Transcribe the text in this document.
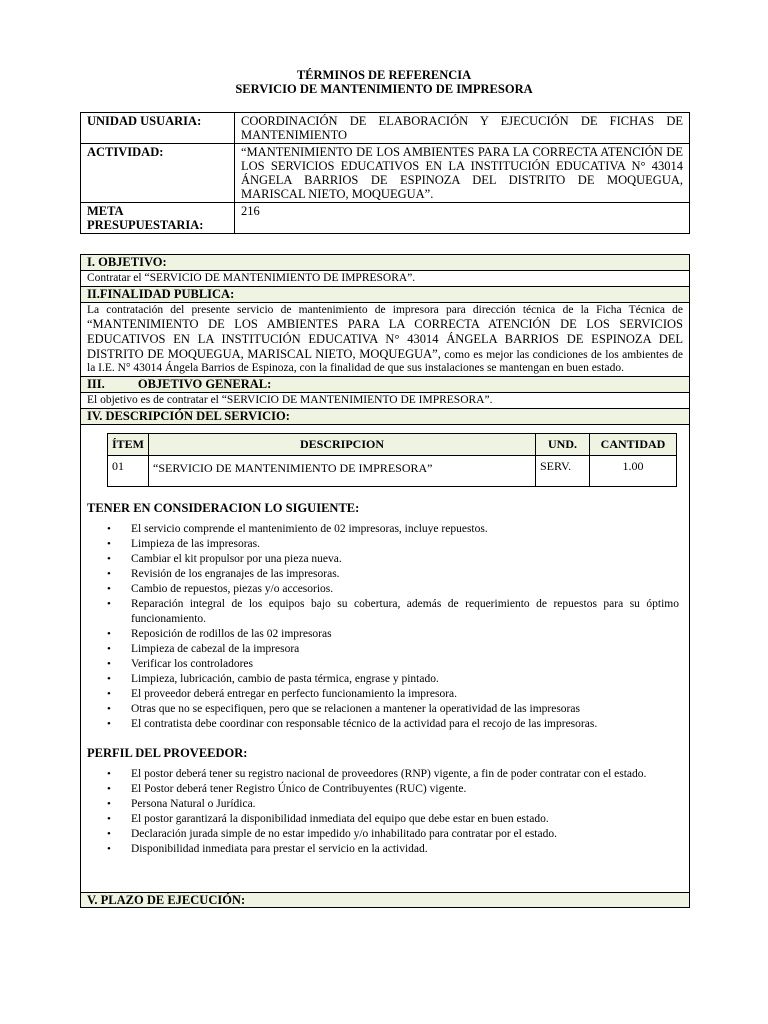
TÉRMINOS DE REFERENCIA
SERVICIO DE MANTENIMIENTO DE IMPRESORA
UNIDAD USUARIA:	COORDINACIÓN DE ELABORACIÓN Y EJECUCIÓN DE FICHAS DE MANTENIMIENTO
ACTIVIDAD:	“MANTENIMIENTO DE LOS AMBIENTES PARA LA CORRECTA ATENCIÓN DE LOS SERVICIOS EDUCATIVOS EN LA INSTITUCIÓN EDUCATIVA N° 43014 ÁNGELA BARRIOS DE ESPINOZA DEL DISTRITO DE MOQUEGUA, MARISCAL NIETO, MOQUEGUA”.
META PRESUPUESTARIA:	216
I. OBJETIVO:
Contratar el “SERVICIO DE MANTENIMIENTO DE IMPRESORA”.
II.FINALIDAD PUBLICA:
La contratación del presente servicio de mantenimiento de impresora para dirección técnica de la Ficha Técnica de “MANTENIMIENTO DE LOS AMBIENTES PARA LA CORRECTA ATENCIÓN DE LOS SERVICIOS EDUCATIVOS EN LA INSTITUCIÓN EDUCATIVA N° 43014 ÁNGELA BARRIOS DE ESPINOZA DEL DISTRITO DE MOQUEGUA, MARISCAL NIETO, MOQUEGUA”, como es mejor las condiciones de los ambientes de la I.E. N° 43014 Ángela Barrios de Espinoza, con la finalidad de que sus instalaciones se mantengan en buen estado.
III.	OBJETIVO GENERAL:
El objetivo es de contratar el “SERVICIO DE MANTENIMIENTO DE IMPRESORA”.
IV. DESCRIPCIÓN DEL SERVICIO:
ÍTEM	DESCRIPCION	UND.	CANTIDAD
01	“SERVICIO DE MANTENIMIENTO DE IMPRESORA”	SERV.	1.00
TENER EN CONSIDERACION LO SIGUIENTE:
• El servicio comprende el mantenimiento de 02 impresoras, incluye repuestos.
• Limpieza de las impresoras.
• Cambiar el kit propulsor por una pieza nueva.
• Revisión de los engranajes de las impresoras.
• Cambio de repuestos, piezas y/o accesorios.
• Reparación integral de los equipos bajo su cobertura, además de requerimiento de repuestos para su óptimo funcionamiento.
• Reposición de rodillos de las 02 impresoras
• Limpieza de cabezal de la impresora
• Verificar los controladores
• Limpieza, lubricación, cambio de pasta térmica, engrase y pintado.
• El proveedor deberá entregar en perfecto funcionamiento la impresora.
• Otras que no se especifiquen, pero que se relacionen a mantener la operatividad de las impresoras
• El contratista debe coordinar con responsable técnico de la actividad para el recojo de las impresoras.
PERFIL DEL PROVEEDOR:
• El postor deberá tener su registro nacional de proveedores (RNP) vigente, a fin de poder contratar con el estado.
• El Postor deberá tener Registro Único de Contribuyentes (RUC) vigente.
• Persona Natural o Jurídica.
• El postor garantizará la disponibilidad inmediata del equipo que debe estar en buen estado.
• Declaración jurada simple de no estar impedido y/o inhabilitado para contratar por el estado.
• Disponibilidad inmediata para prestar el servicio en la actividad.
V. PLAZO DE EJECUCIÓN:
